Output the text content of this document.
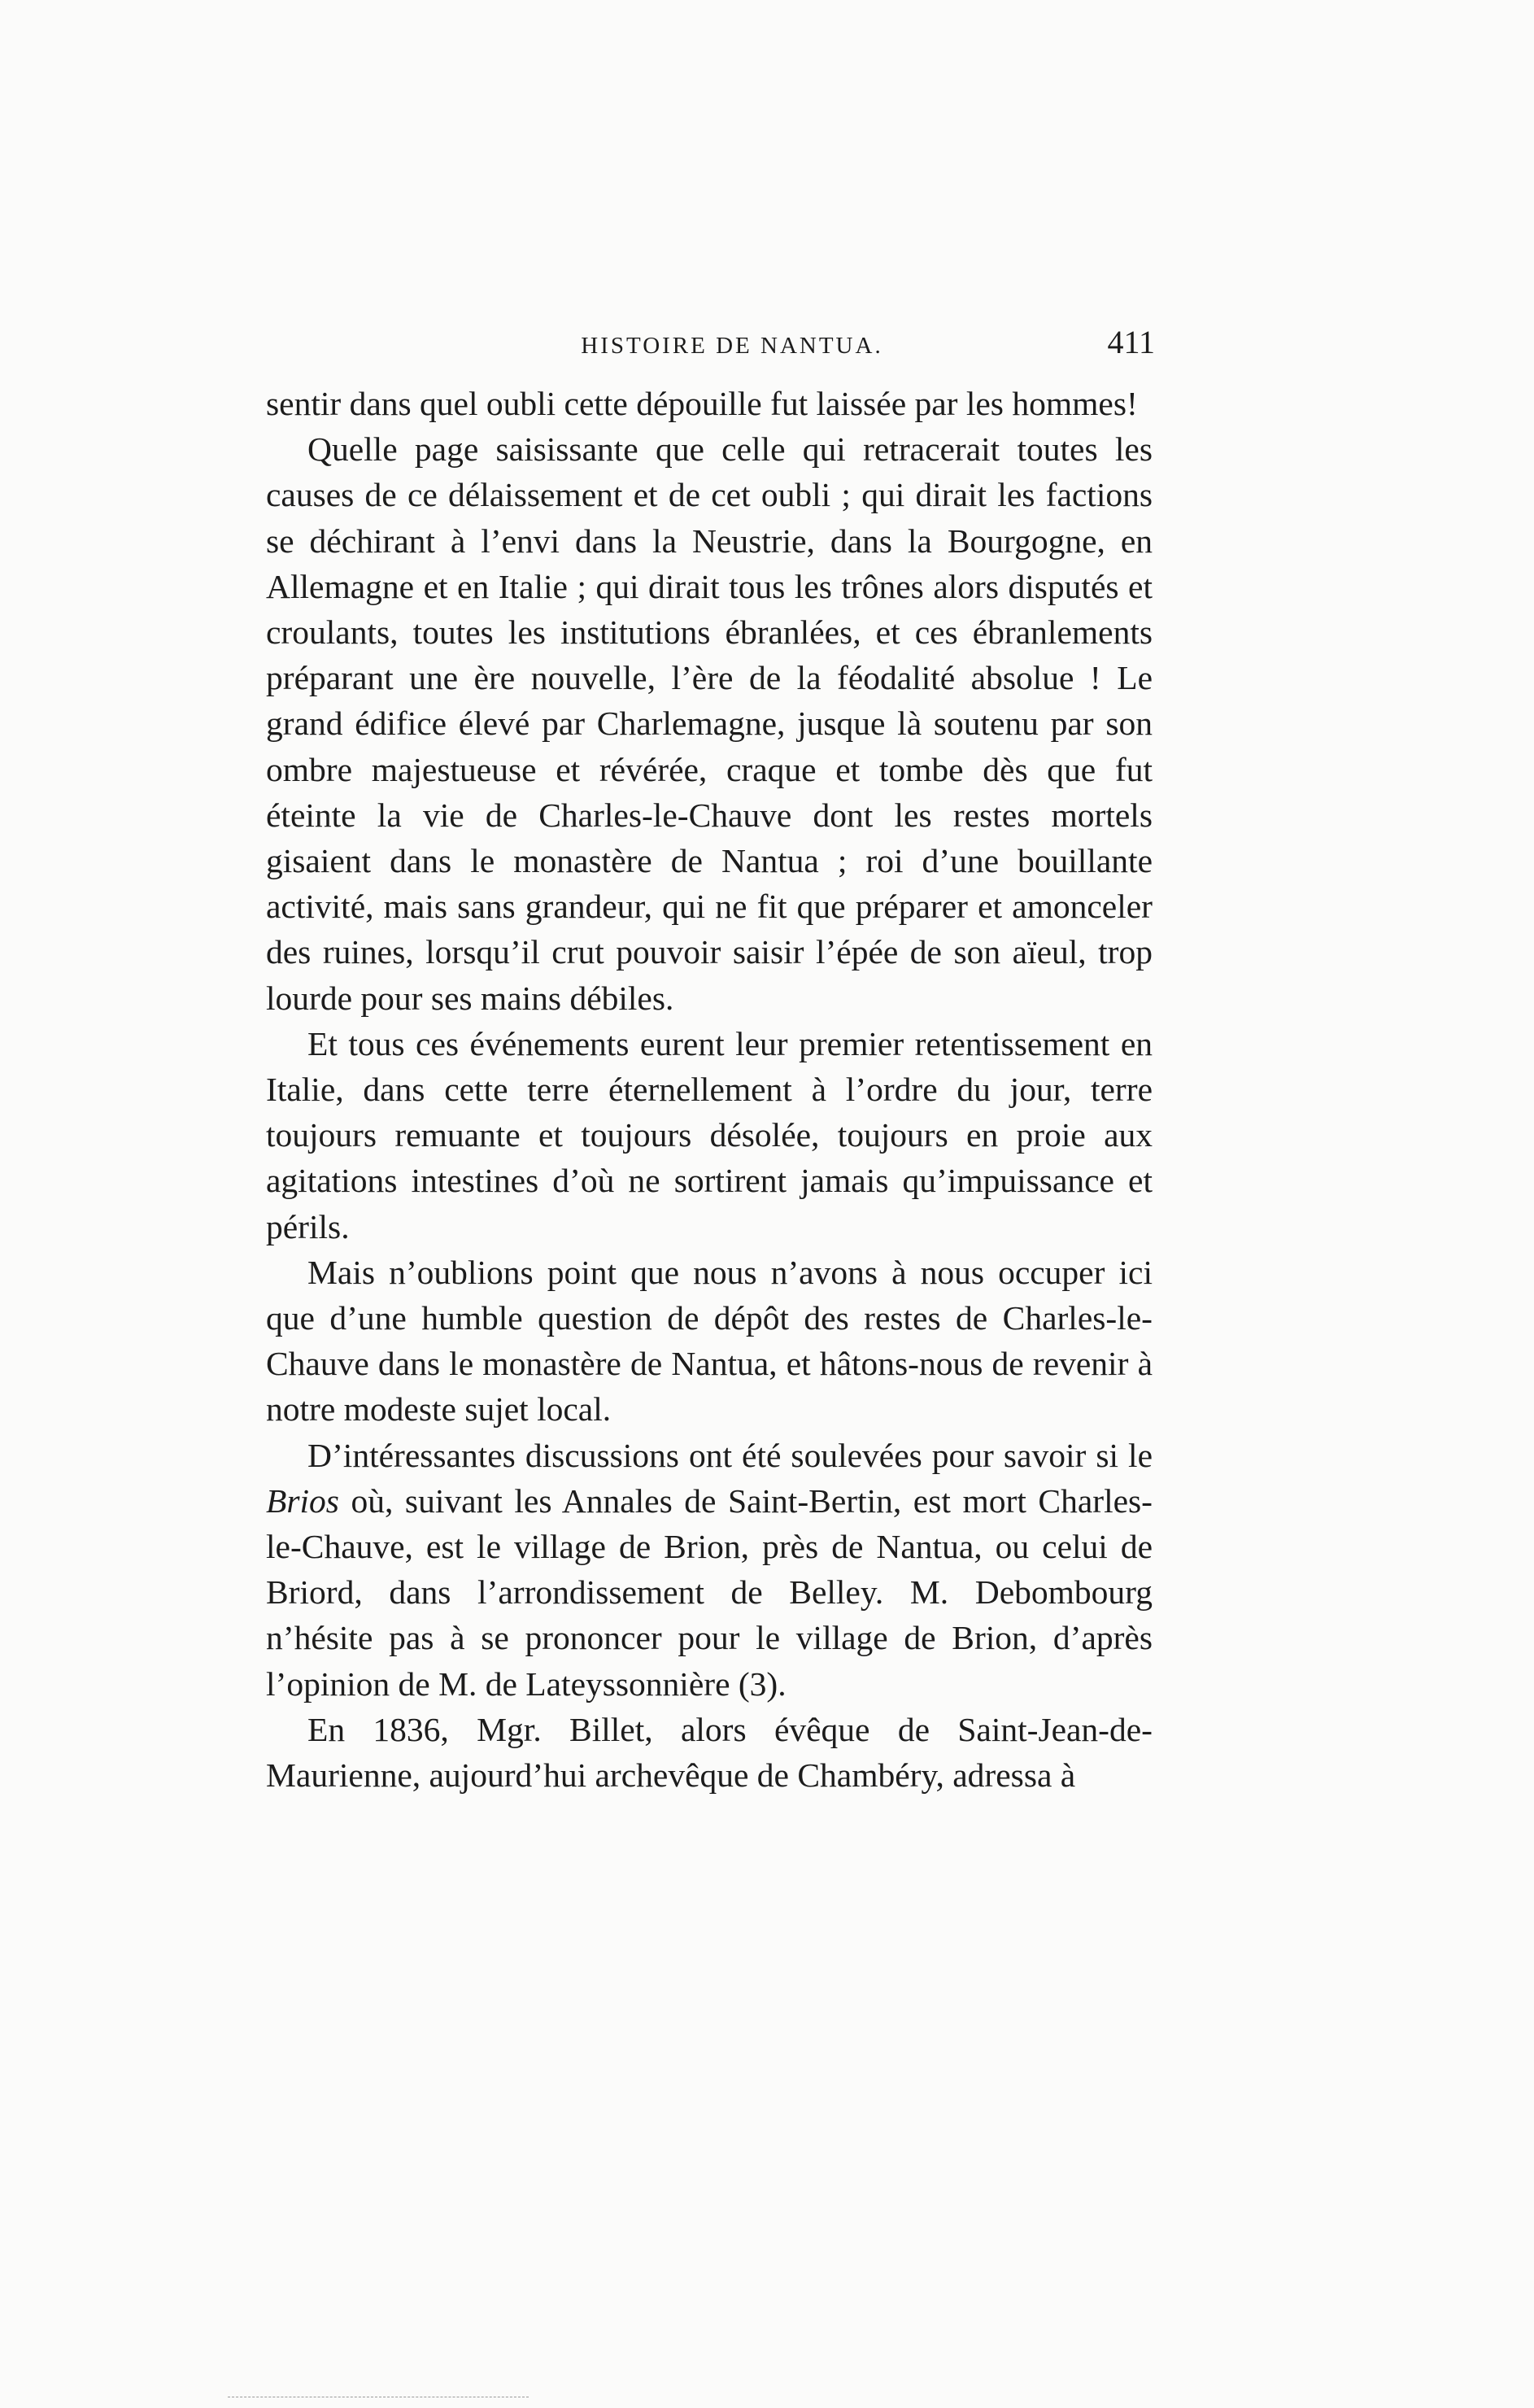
HISTOIRE DE NANTUA.	411

sentir dans quel oubli cette dépouille fut laissée par les hommes!

Quelle page saisissante que celle qui retracerait toutes les causes de ce délaissement et de cet oubli ; qui dirait les factions se déchirant à l’envi dans la Neustrie, dans la Bourgogne, en Allemagne et en Italie ; qui dirait tous les trônes alors disputés et croulants, toutes les institutions ébranlées, et ces ébranlements préparant une ère nouvelle, l’ère de la féodalité absolue ! Le grand édifice élevé par Charlemagne, jusque là soutenu par son ombre majestueuse et révérée, craque et tombe dès que fut éteinte la vie de Charles-le-Chauve dont les restes mortels gisaient dans le monastère de Nantua ; roi d’une bouillante activité, mais sans grandeur, qui ne fit que préparer et amonceler des ruines, lorsqu’il crut pouvoir saisir l’épée de son aïeul, trop lourde pour ses mains débiles.

Et tous ces événements eurent leur premier retentissement en Italie, dans cette terre éternellement à l’ordre du jour, terre toujours remuante et toujours désolée, toujours en proie aux agitations intestines d’où ne sortirent jamais qu’impuissance et périls.

Mais n’oublions point que nous n’avons à nous occuper ici que d’une humble question de dépôt des restes de Charles-le-Chauve dans le monastère de Nantua, et hâtons-nous de revenir à notre modeste sujet local.

D’intéressantes discussions ont été soulevées pour savoir si le Brios où, suivant les Annales de Saint-Bertin, est mort Charles-le-Chauve, est le village de Brion, près de Nantua, ou celui de Briord, dans l’arrondissement de Belley. M. Debombourg n’hésite pas à se prononcer pour le village de Brion, d’après l’opinion de M. de Lateyssonnière (3).

En 1836, Mgr. Billet, alors évêque de Saint-Jean-de-Maurienne, aujourd’hui archevêque de Chambéry, adressa à
